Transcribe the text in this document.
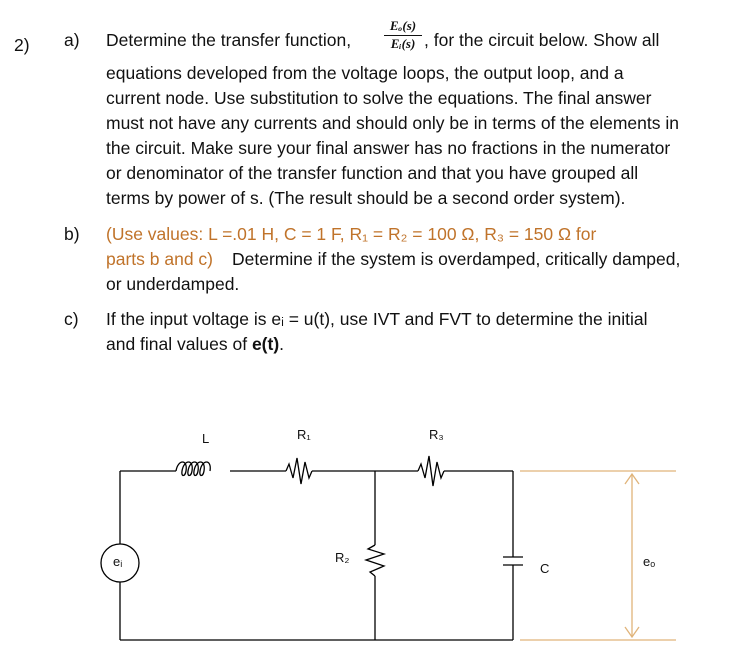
2) a) Determine the transfer function,
Eₒ(s)
Eᵢ(s) , for the circuit below. Show all
equations developed from the voltage loops, the output loop, and a
current node. Use substitution to solve the equations. The final answer
must not have any currents and should only be in terms of the elements in
the circuit. Make sure your final answer has no fractions in the numerator
or denominator of the transfer function and that you have grouped all
terms by power of s. (The result should be a second order system).
b) (Use values: L =.01 H, C = 1 F, R₁ = R₂ = 100 Ω, R₃ = 150 Ω for
parts b and c) Determine if the system is overdamped, critically damped,
or underdamped.
c) If the input voltage is eᵢ = u(t), use IVT and FVT to determine the initial
and final values of e(t).
L	R₁	R₃
R₂
eᵢ	C	eₒ
